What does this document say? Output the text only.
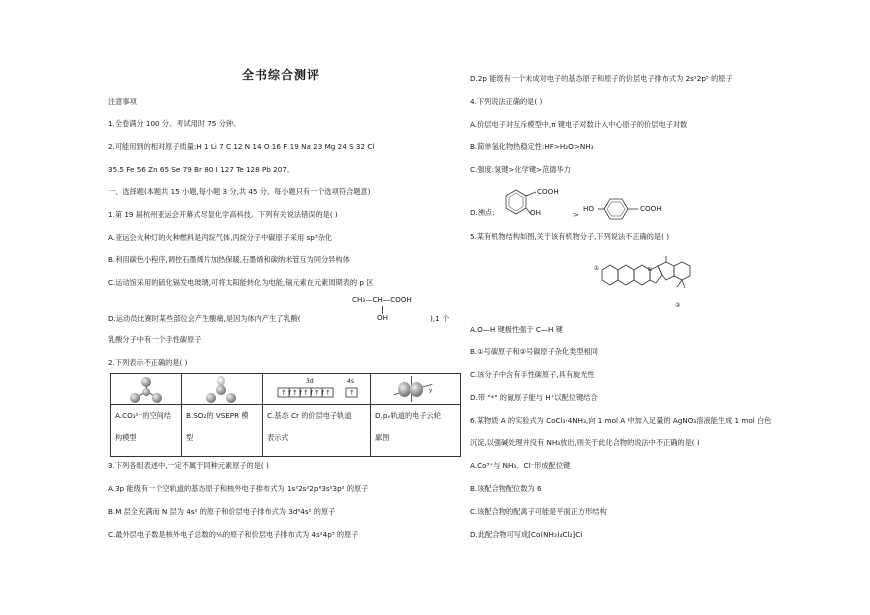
全书综合测评
注意事项
1.全卷满分 100 分。考试用时 75 分钟。
2.可能用到的相对原子质量:H 1 Li 7 C 12 N 14 O 16 F 19 Na 23 Mg 24 S 32 Cl
35.5 Fe 56 Zn 65 Se 79 Br 80 I 127 Te 128 Pb 207。
一、选择题(本题共 15 小题,每小题 3 分,共 45 分。每小题只有一个选项符合题意)
1.第 19 届杭州亚运会开幕式尽显化学高科技。下列有关说法错误的是( )
A.亚运会火种灯的火种燃料是丙烷气体,丙烷分子中碳原子采用 sp³杂化
B.利用碳色小程序,调控石墨烯片加热保暖,石墨烯和碳纳米管互为同分异构体
C.运动馆采用的硫化镉发电玻璃,可将太阳能转化为电能,镉元素在元素周期表的 p 区
CH₃—CH—COOH
OH
D.运动员比赛时某些部位会产生酸痛,是因为体内产生了乳酸(	),1 个
乳酸分子中有一个手性碳原子
2.下列表示不正确的是( )
3d	4s
↑↑ ↑↑ ↑↑ ↑↑ ↑	↑	y
A.CO₃²⁻的空间结
构模型
B.SO₂的 VSEPR 模
型
C.基态 Cr 的价层电子轨道
表示式
D.pₓ轨道的电子云轮
廓图
3.下列各组表述中,一定不属于同种元素原子的是( )
A.3p 能级有一个空轨道的基态原子和核外电子排布式为 1s²2s²2p⁶3s²3p² 的原子
B.M 层全充满而 N 层为 4s² 的原子和价层电子排布式为 3d⁶4s² 的原子
C.最外层电子数是核外电子总数的⅕的原子和价层电子排布式为 4s²4p⁵ 的原子
D.2p 能级有一个未成对电子的基态原子和原子的价层电子排布式为 2s²2p⁵ 的原子
4.下列说法正确的是( )
A.价层电子对互斥模型中,π 键电子对数计入中心原子的价层电子对数
B.简单氢化物热稳定性:HF>H₂O>NH₃
C.强度:氢键>化学键>范德华力
D.沸点:
COOH
OH	>
HO	COOH
5.某有机物结构如图,关于该有机物分子,下列说法不正确的是( )
①	N
②
A.O—H 键极性强于 C—H 键
B.①号碳原子和②号碳原子杂化类型相同
C.该分子中含有手性碳原子,具有旋光性
D.带 "*" 的氮原子能与 H⁺以配位键结合
6.某物质 A 的实验式为 CoCl₃·4NH₃,向 1 mol A 中加入足量的 AgNO₃溶液能生成 1 mol 白色
沉淀,以强碱处理并没有 NH₃放出,则关于此化合物的说法中不正确的是( )
A.Co³⁺与 NH₃、Cl⁻形成配位键
B.该配合物配位数为 6
C.该配合物的配离子可能是平面正方形结构
D.此配合物可写成[Co(NH₃)₄Cl₂]Cl
